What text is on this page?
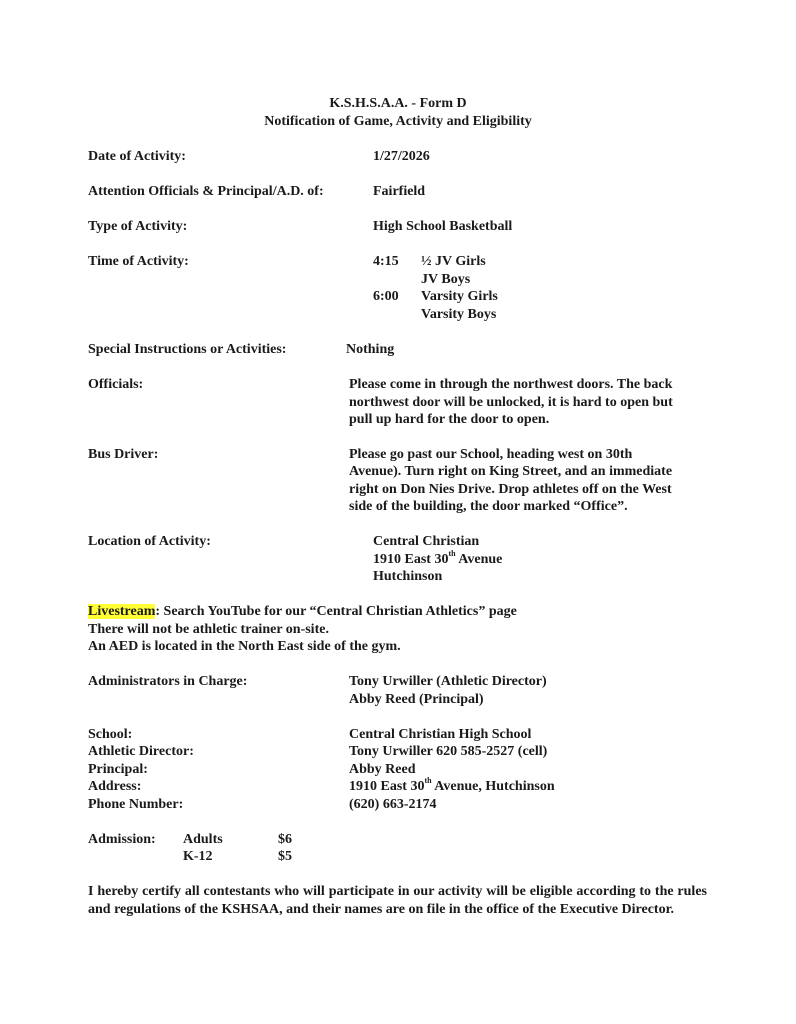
K.S.H.S.A.A. - Form D
Notification of Game, Activity and Eligibility
Date of Activity:	1/27/2026
Attention Officials & Principal/A.D. of:	Fairfield
Type of Activity:	High School Basketball
Time of Activity:	4:15 ½ JV Girls
JV Boys
6:00 Varsity Girls
Varsity Boys
Special Instructions or Activities:	Nothing
Officials:	Please come in through the northwest doors. The back
northwest door will be unlocked, it is hard to open but
pull up hard for the door to open.
Bus Driver:	Please go past our School, heading west on 30th
Avenue). Turn right on King Street, and an immediate
right on Don Nies Drive. Drop athletes off on the West
side of the building, the door marked “Office”.
Location of Activity:	Central Christian
1910 East 30th Avenue
Hutchinson
Livestream: Search YouTube for our “Central Christian Athletics” page
There will not be athletic trainer on-site.
An AED is located in the North East side of the gym.
Administrators in Charge:	Tony Urwiller (Athletic Director)
Abby Reed (Principal)
School:	Central Christian High School
Athletic Director:	Tony Urwiller 620 585-2527 (cell)
Principal:	Abby Reed
Address:	1910 East 30th Avenue, Hutchinson
Phone Number:	(620) 663-2174
Admission: Adults	$6
K-12	$5
I hereby certify all contestants who will participate in our activity will be eligible according to the rules and regulations of the KSHSAA, and their names are on file in the office of the Executive Director.
